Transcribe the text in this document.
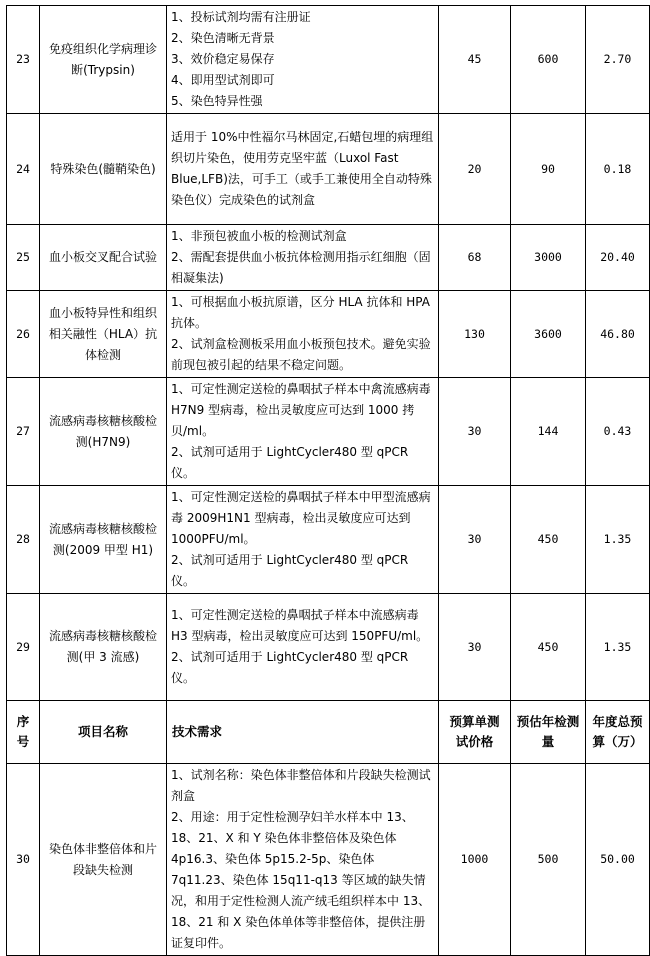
23	免疫组织化学病理诊断(Trypsin)	1、投标试剂均需有注册证
2、染色清晰无背景
3、效价稳定易保存
4、即用型试剂即可
5、染色特异性强	45	600	2.70
24	特殊染色(髓鞘染色)	适用于 10%中性福尔马林固定,石蜡包埋的病理组织切片染色，使用劳克坚牢蓝（Luxol Fast Blue,LFB)法，可手工（或手工兼使用全自动特殊染色仪）完成染色的试剂盒	20	90	0.18
25	血小板交叉配合试验	1、非预包被血小板的检测试剂盒
2、需配套提供血小板抗体检测用指示红细胞（固相凝集法)	68	3000	20.40
26	血小板特异性和组织相关融性（HLA）抗体检测	1、可根据血小板抗原谱，区分 HLA 抗体和 HPA 抗体。
2、试剂盒检测板采用血小板预包技术。避免实验前现包被引起的结果不稳定问题。	130	3600	46.80
27	流感病毒核糖核酸检测(H7N9)	1、可定性测定送检的鼻咽拭子样本中禽流感病毒 H7N9 型病毒，检出灵敏度应可达到 1000 拷贝/ml。
2、试剂可适用于 LightCycler480 型 qPCR 仪。	30	144	0.43
28	流感病毒核糖核酸检测(2009 甲型 H1)	1、可定性测定送检的鼻咽拭子样本中甲型流感病毒 2009H1N1 型病毒，检出灵敏度应可达到 1000PFU/ml。
2、试剂可适用于 LightCycler480 型 qPCR 仪。	30	450	1.35
29	流感病毒核糖核酸检测(甲 3 流感)	1、可定性测定送检的鼻咽拭子样本中流感病毒 H3 型病毒，检出灵敏度应可达到 150PFU/ml。
2、试剂可适用于 LightCycler480 型 qPCR 仪。	30	450	1.35
序号	项目名称	技术需求	预算单测试价格	预估年检测量	年度总预算（万）
30	染色体非整倍体和片段缺失检测	1、试剂名称：染色体非整倍体和片段缺失检测试剂盒
2、用途：用于定性检测孕妇羊水样本中 13、18、21、X 和 Y 染色体非整倍体及染色体 4p16.3、染色体 5p15.2-5p、染色体 7q11.23、染色体 15q11-q13 等区域的缺失情况，和用于定性检测人流产绒毛组织样本中 13、18、21 和 X 染色体单体等非整倍体，提供注册证复印件。	1000	500	50.00
